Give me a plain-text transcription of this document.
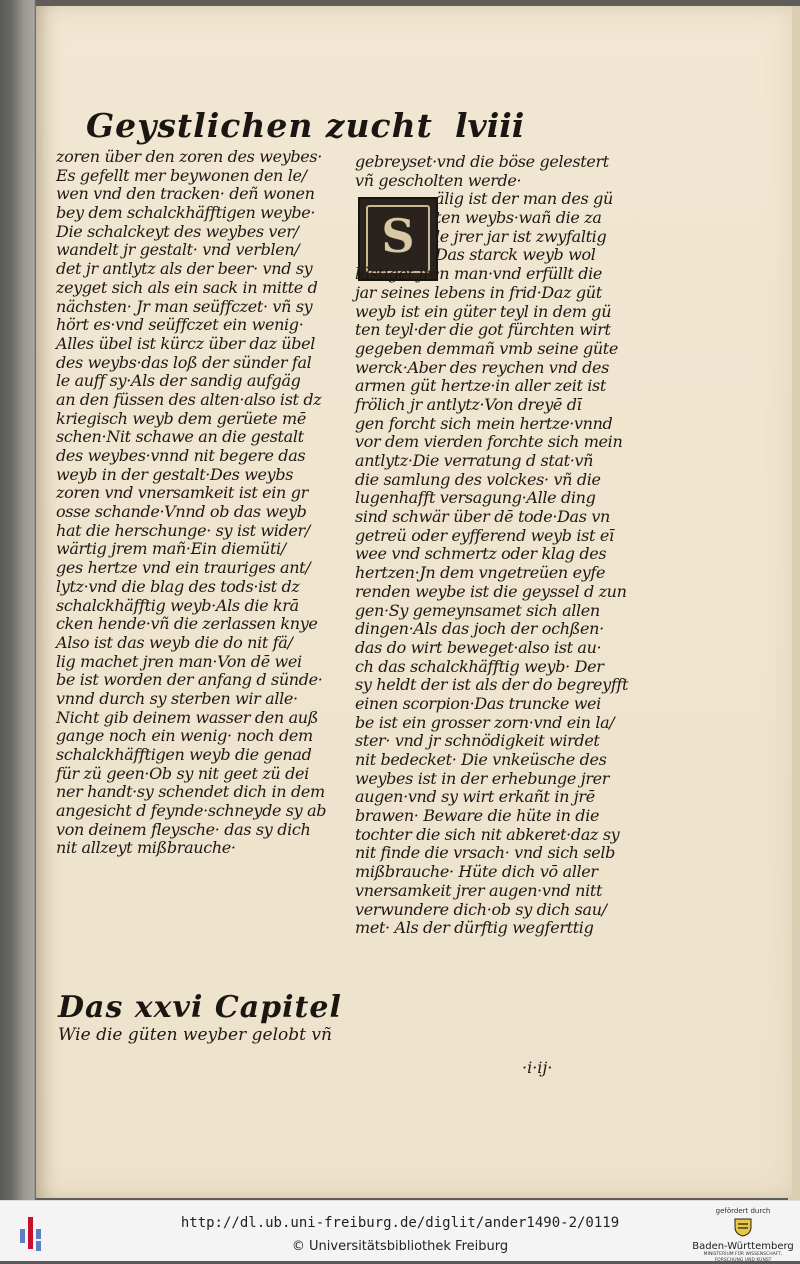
Geystlichen zucht lviii
zoren über den zoren des weybes·
Es gefellt mer beywonen den le/
wen vnd den tracken· deñ wonen
bey dem schalckhäfftigen weybe·
Die schalckeyt des weybes ver/
wandelt jr gestalt· vnd verblen/
det jr antlytz als der beer· vnd sy
zeyget sich als ein sack in mitte d
nächsten· Jr man seüffczet· vñ sy
hört es·vnd seüffczet ein wenig·
Alles übel ist kürcz über daz übel
des weybs·das loß der sünder fal
le auff sy·Als der sandig aufgäg
an den füssen des alten·also ist dz
kriegisch weyb dem gerüete mē
schen·Nit schawe an die gestalt
des weybes·vnnd nit begere das
weyb in der gestalt·Des weybs
zoren vnd vnersamkeit ist ein gr
osse schande·Vnnd ob das weyb
hat die herschunge· sy ist wider/
wärtig jrem mañ·Ein diemüti/
ges hertze vnd ein trauriges ant/
lytz·vnd die blag des tods·ist dz
schalckhäfftig weyb·Als die krā
cken hende·vñ die zerlassen knye
Also ist das weyb die do nit fä/
lig machet jren man·Von dē wei
be ist worden der anfang d sünde·
vnnd durch sy sterben wir alle·
Nicht gib deinem wasser den auß
gange noch ein wenig· noch dem
schalckhäfftigen weyb die genad
für zü geen·Ob sy nit geet zü dei
ner handt·sy schendet dich in dem
angesicht d feynde·schneyde sy ab
von deinem fleysche· das sy dich
nit allzeyt mißbrauche·
S
gebreyset·vnd die böse gelestert
vñ gescholten werde·
älig ist der man des gü
ten weybs·wañ die za
le jrer jar ist zwyfaltig
Das starck weyb wol
lüstiget jren man·vnd erfüllt die
jar seines lebens in frid·Daz güt
weyb ist ein güter teyl in dem gü
ten teyl·der die got fürchten wirt
gegeben demmañ vmb seine güte
werck·Aber des reychen vnd des
armen güt hertze·in aller zeit ist
frölich jr antlytz·Von dreyē dī
gen forcht sich mein hertze·vnnd
vor dem vierden forchte sich mein
antlytz·Die verratung d stat·vñ
die samlung des volckes· vñ die
lugenhafft versagung·Alle ding
sind schwär über dē tode·Das vn
getreü oder eyfferend weyb ist eī
wee vnd schmertz oder klag des
hertzen·Jn dem vngetreüen eyfe
renden weybe ist die geyssel d zun
gen·Sy gemeynsamet sich allen
dingen·Als das joch der ochßen·
das do wirt beweget·also ist au·
ch das schalckhäfftig weyb· Der
sy heldt der ist als der do begreyfft
einen scorpion·Das truncke wei
be ist ein grosser zorn·vnd ein la/
ster· vnd jr schnödigkeit wirdet
nit bedecket· Die vnkeüsche des
weybes ist in der erhebunge jrer
augen·vnd sy wirt erkañt in jrē
brawen· Beware die hüte in die
tochter die sich nit abkeret·daz sy
nit finde die vrsach· vnd sich selb
mißbrauche· Hüte dich vō aller
vnersamkeit jrer augen·vnd nitt
verwundere dich·ob sy dich sau/
met· Als der dürftig wegferttig
Das xxvi Capitel
Wie die güten weyber gelobt vñ
·i·ij·
http://dl.ub.uni-freiburg.de/diglit/ander1490-2/0119
© Universitätsbibliothek Freiburg
gefördert durch
Baden-Württemberg
MINISTERIUM FÜR WISSENSCHAFT, FORSCHUNG UND KUNST
